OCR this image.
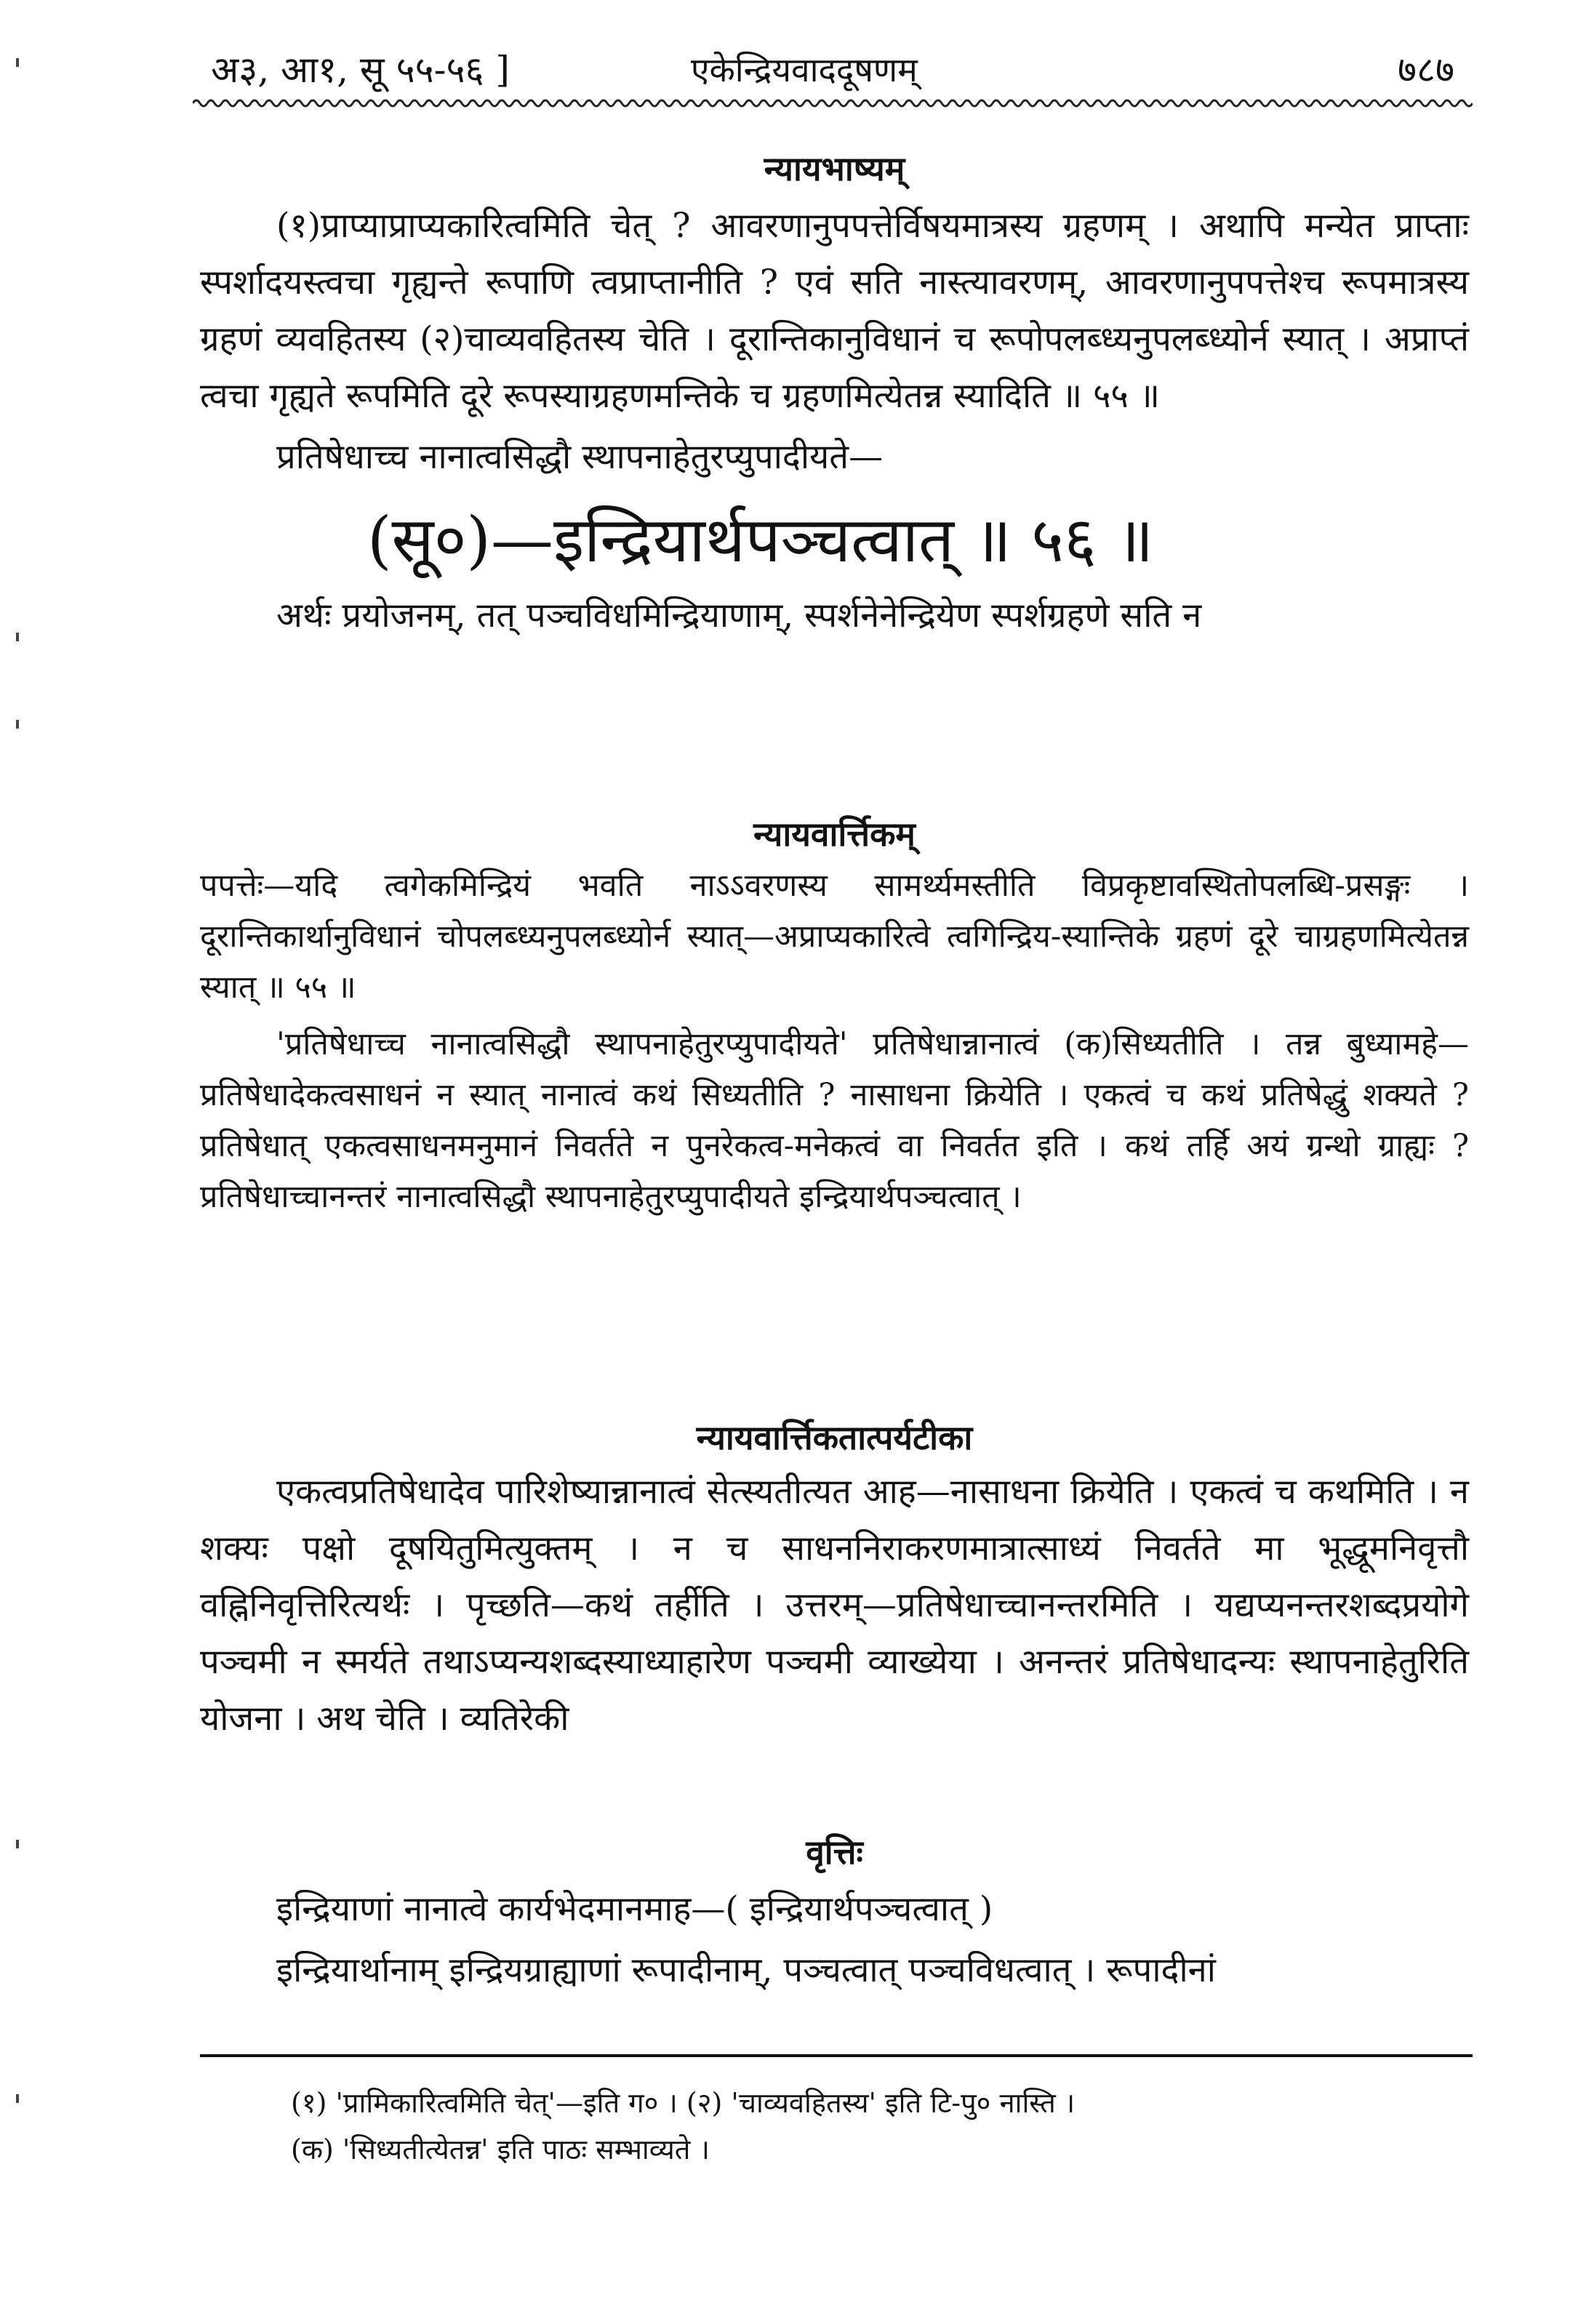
अ३, आ१, सू ५५-५६ ]	एकेन्द्रियवाददूषणम्	७८७
न्यायभाष्यम्
(१)प्राप्याप्राप्यकारित्वमिति चेत् ? आवरणानुपपत्तेर्विषयमात्रस्य ग्रहणम् । अथापि मन्येत प्राप्ताः स्पर्शादयस्त्वचा गृह्यन्ते रूपाणि त्वप्राप्तानीति ? एवं सति नास्त्यावरणम्, आवरणानुपपत्तेश्च रूपमात्रस्य ग्रहणं व्यवहितस्य (२)चाव्यवहितस्य चेति । दूरान्तिकानुविधानं च रूपोपलब्ध्यनुपलब्ध्योर्न स्यात् । अप्राप्तं त्वचा गृह्यते रूपमिति दूरे रूपस्याग्रहणमन्तिके च ग्रहणमित्येतन्न स्यादिति ॥ ५५ ॥
प्रतिषेधाच्च नानात्वसिद्धौ स्थापनाहेतुरप्युपादीयते—
(सू०)—इन्द्रियार्थपञ्चत्वात् ॥ ५६ ॥
अर्थः प्रयोजनम्, तत् पञ्चविधमिन्द्रियाणाम्, स्पर्शनेनेन्द्रियेण स्पर्शग्रहणे सति न
न्यायवार्त्तिकम्
पपत्तेः—यदि त्वगेकमिन्द्रियं भवति नाऽऽवरणस्य सामर्थ्यमस्तीति विप्रकृष्टावस्थितोपलब्धि-प्रसङ्गः । दूरान्तिकार्थानुविधानं चोपलब्ध्यनुपलब्ध्योर्न स्यात्—अप्राप्यकारित्वे त्वगिन्द्रिय-स्यान्तिके ग्रहणं दूरे चाग्रहणमित्येतन्न स्यात् ॥ ५५ ॥
'प्रतिषेधाच्च नानात्वसिद्धौ स्थापनाहेतुरप्युपादीयते' प्रतिषेधान्नानात्वं (क)सिध्यतीति । तन्न बुध्यामहे—प्रतिषेधादेकत्वसाधनं न स्यात् नानात्वं कथं सिध्यतीति ? नासाधना क्रियेति । एकत्वं च कथं प्रतिषेद्धुं शक्यते ? प्रतिषेधात् एकत्वसाधनमनुमानं निवर्तते न पुनरेकत्व-मनेकत्वं वा निवर्तत इति । कथं तर्हि अयं ग्रन्थो ग्राह्यः ? प्रतिषेधाच्चानन्तरं नानात्वसिद्धौ स्थापनाहेतुरप्युपादीयते इन्द्रियार्थपञ्चत्वात् ।
न्यायवार्त्तिकतात्पर्यटीका
एकत्वप्रतिषेधादेव पारिशेष्यान्नानात्वं सेत्स्यतीत्यत आह—नासाधना क्रियेति । एकत्वं च कथमिति । न शक्यः पक्षो दूषयितुमित्युक्तम् । न च साधननिराकरणमात्रात्साध्यं निवर्तते मा भूद्धूमनिवृत्तौ वह्निनिवृत्तिरित्यर्थः । पृच्छति—कथं तर्हीति । उत्तरम्—प्रतिषेधाच्चानन्तरमिति । यद्यप्यनन्तरशब्दप्रयोगे पञ्चमी न स्मर्यते तथाऽप्यन्यशब्दस्याध्याहारेण पञ्चमी व्याख्येया । अनन्तरं प्रतिषेधादन्यः स्थापनाहेतुरिति योजना । अथ चेति । व्यतिरेकी
वृत्तिः
इन्द्रियाणां नानात्वे कार्यभेदमानमाह—( इन्द्रियार्थपञ्चत्वात् )
इन्द्रियार्थानाम् इन्द्रियग्राह्याणां रूपादीनाम्, पञ्चत्वात् पञ्चविधत्वात् । रूपादीनां
(१) 'प्रामिकारित्वमिति चेत्'—इति ग० । (२) 'चाव्यवहितस्य' इति टि-पु० नास्ति ।
(क) 'सिध्यतीत्येतन्न' इति पाठः सम्भाव्यते ।
